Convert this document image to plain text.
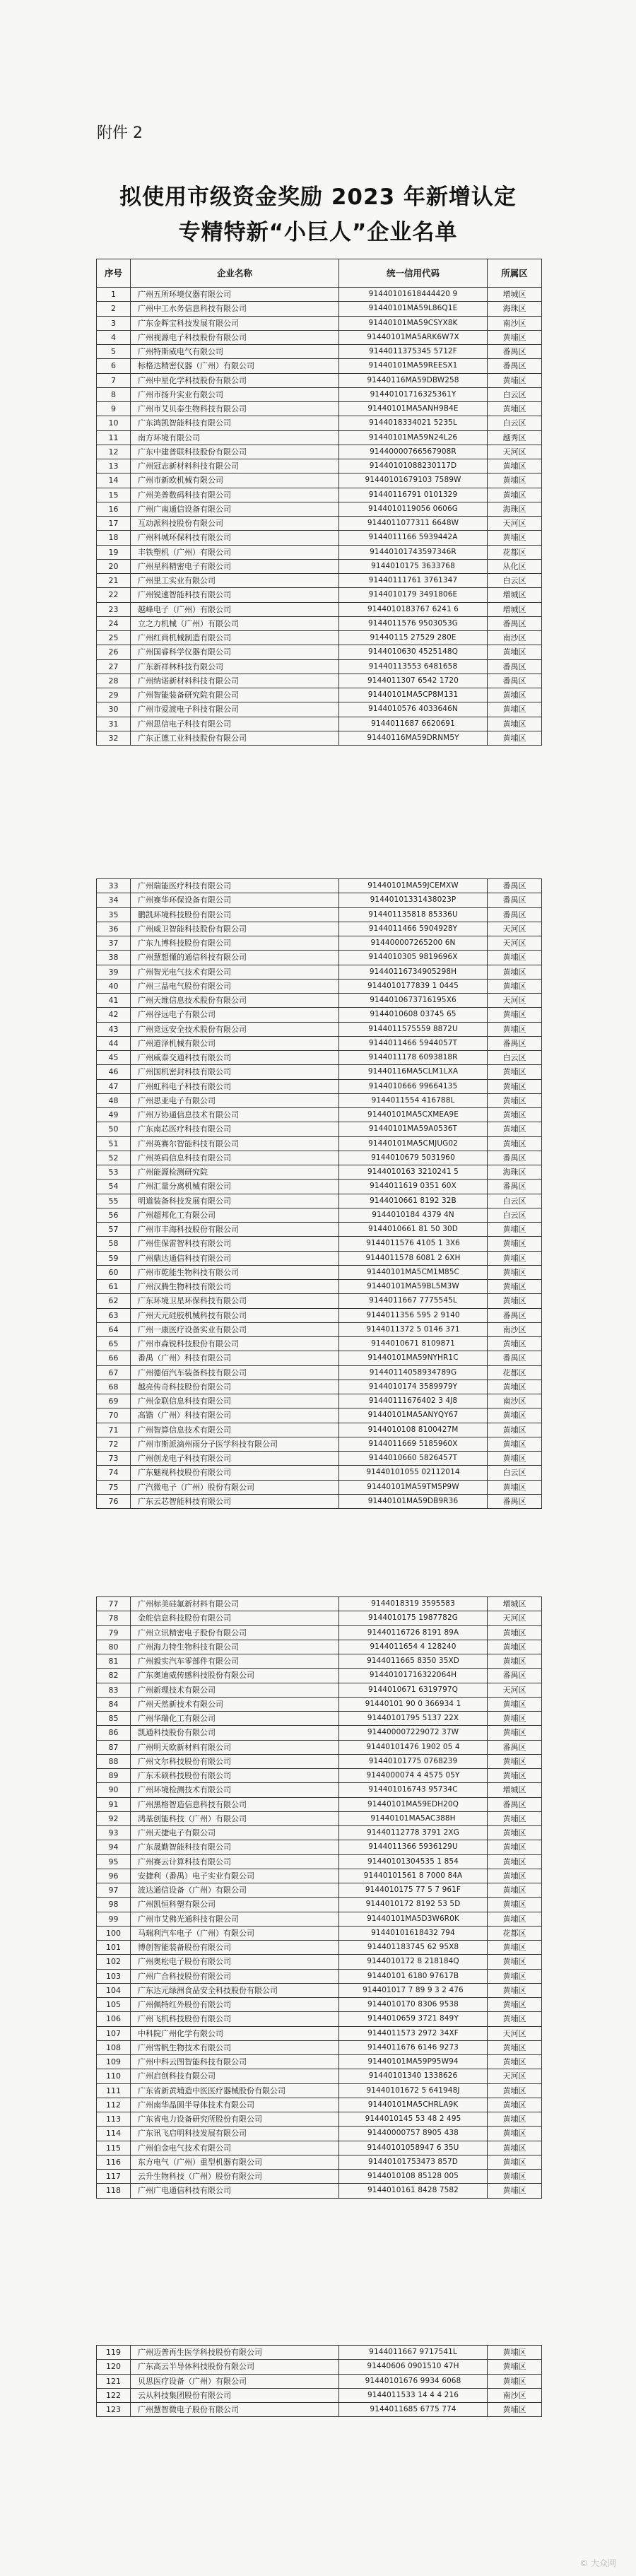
附件 2
拟使用市级资金奖励 2023 年新增认定
专精特新“小巨人”企业名单
序号	企业名称	统一信用代码	所属区
1	广州五所环境仪器有限公司	91440101618444420 9	增城区
2	广州中工水务信息科技有限公司	91440101MA59L86Q1E	海珠区
3	广东金晖宝科技发展有限公司	91440101MA59CSYX8K	南沙区
4	广州视源电子科技股份有限公司	91440101MA5ARK6W7X	黄埔区
5	广州特斯威电气有限公司	9144011375345 5712F	番禺区
6	标格达精密仪器（广州）有限公司	91440101MA59REESX1	番禺区
7	广州中星化学科技股份有限公司	91440116MA59DBW258	黄埔区
8	广州市扬升实业有限公司	91440101716325361Y	白云区
9	广州市艾贝泰生物科技有限公司	91440101MA5ANH9B4E	黄埔区
10	广东鸿凯智能科技有限公司	9144018334021 5235L	白云区
11	南方环境有限公司	91440101MA59N24L26	越秀区
12	广东中建普联科技股份有限公司	91440000766567908R	天河区
13	广州冠志新材料科技有限公司	91440101088230117D	黄埔区
14	广州市新欧机械有限公司	91440101679103 7589W	黄埔区
15	广州美普数码科技有限公司	91440116791 0101329	黄埔区
16	广州广南通信设备有限公司	9144010119056 0606G	海珠区
17	互动派科技股份有限公司	9144011077311 6648W	天河区
18	广州科城环保科技有限公司	9144011166 5939442A	黄埔区
19	丰铁塑机（广州）有限公司	91440101743597346R	花都区
20	广州星科精密电子有限公司	9144010175 3633768	从化区
21	广州里工实业有限公司	91440111761 3761347	白云区
22	广州锐速智能科技有限公司	9144010179 3491806E	增城区
23	越峰电子（广州）有限公司	9144010183767 6241 6	增城区
24	立之力机械（广州）有限公司	9144011576 9503053G	番禺区
25	广州红尚机械制造有限公司	91440115 27529 280E	南沙区
26	广州国睿科学仪器有限公司	9144010630 4525148Q	黄埔区
27	广东新祥林科技有限公司	91440113553 6481658	番禺区
28	广州纳诺新材料科技有限公司	9144011307 6542 1720	番禺区
29	广州智能装备研究院有限公司	91440101MA5CP8M131	黄埔区
30	广州市爱渡电子科技有限公司	9144010576 4033646N	黄埔区
31	广州思信电子科技有限公司	9144011687 6620691	黄埔区
32	广东正德工业科技股份有限公司	91440116MA59DRNM5Y	黄埔区
33	广州瑞能医疗科技有限公司	91440101MA59JCEMXW	番禺区
34	广州赛华环保设备有限公司	91440101331438023P	番禺区
35	鹏凯环境科技股份有限公司	914401135818 85336U	番禺区
36	广州威卫智能科技股份有限公司	9144011466 5904928Y	天河区
37	广东九博科技股份有限公司	914400007265200 6N	天河区
38	广州慧想懂的通信科技有限公司	9144010305 9819696X	黄埔区
39	广州智光电气技术有限公司	91440116734905298H	黄埔区
40	广州三晶电气股份有限公司	9144010177839 1 0445	黄埔区
41	广州天维信息技术股份有限公司	9144010673716195X6	天河区
42	广州谷远电子有限公司	9144010608 03745 65	黄埔区
43	广州竞远安全技术股份有限公司	9144011575559 8872U	黄埔区
44	广州道泽机械有限公司	9144011466 5944057T	番禺区
45	广州威泰交通科技有限公司	9144011178 6093818R	白云区
46	广州国机密封科技有限公司	91440116MA5CLM1LXA	黄埔区
47	广州虹科电子科技有限公司	9144010666 99664135	黄埔区
48	广州思亚电子有限公司	9144011554 416788L	黄埔区
49	广州万协通信息技术有限公司	91440101MA5CXMEA9E	黄埔区
50	广东南芯医疗科技有限公司	91440101MA59A0536T	黄埔区
51	广州英赛尔智能科技有限公司	91440101MA5CMJUG02	黄埔区
52	广州英码信息科技有限公司	9144010679 5031960	番禺区
53	广州能源检测研究院	9144010163 3210241 5	海珠区
54	广州汇量分离机械有限公司	9144011619 0351 60X	番禺区
55	明道装备科技发展有限公司	9144010661 8192 32B	白云区
56	广州超邦化工有限公司	9144010184 4379 4N	白云区
57	广州市丰海科技股份有限公司	9144010661 81 50 30D	黄埔区
58	广州佳保雷智科技有限公司	9144011576 4105 1 3X6	黄埔区
59	广州鼎达通信科技有限公司	9144011578 6081 2 6XH	黄埔区
60	广州市乾能生物科技有限公司	91440101MA5CM1M85C	黄埔区
61	广州汉腾生物科技有限公司	91440101MA59BL5M3W	黄埔区
62	广东环境卫星环保科技有限公司	9144011667 7775545L	黄埔区
63	广州天元硅胶机械科技有限公司	9144011356 595 2 9140	番禺区
64	广州一康医疗设备实业有限公司	9144011372 5 0146 371	南沙区
65	广州市森锐科技股份有限公司	9144010671 8109871	黄埔区
66	番禺（广州）科技有限公司	91440101MA59NYHR1C	番禺区
67	广州德佰汽车装备科技有限公司	91440114058934789G	花都区
68	越亮传奇科技股份有限公司	9144010174 3589979Y	黄埔区
69	广州金联信息科技有限公司	91440111676402 3 4J8	南沙区
70	高锴（广州）科技有限公司	91440101MA5ANYQY67	黄埔区
71	广州智算信息技术有限公司	9144010108 8100427M	黄埔区
72	广州市斯派滴州雨分子医学科技有限公司	9144011669 5185960X	黄埔区
73	广州创龙电子科技有限公司	9144010660 5826457T	黄埔区
74	广东魅视科技股份有限公司	91440101055 02112014	白云区
75	广汽微电子（广州）股份有限公司	91440101MA59TM5P9W	黄埔区
76	广东云芯智能科技有限公司	91440101MA59DB9R36	番禺区
77	广州标美硅氟新材料有限公司	9144018319 3595583	增城区
78	金舵信息科技股份有限公司	9144010175 1987782G	天河区
79	广州立讯精密电子股份有限公司	91440116726 8191 89A	黄埔区
80	广州海力特生物科技有限公司	9144011654 4 128240	黄埔区
81	广州毅实汽车零部件有限公司	9144011665 8350 35XD	黄埔区
82	广东奥迪威传感科技股份有限公司	91440101716322064H	番禺区
83	广州新理技术有限公司	9144010671 6319797Q	天河区
84	广州天然新技术有限公司	91440101 90 0 366934 1	黄埔区
85	广州华瑞化工有限公司	91440101795 5137 22X	黄埔区
86	凯通科技股份有限公司	914400007229072 37W	黄埔区
87	广州明天欧新材料有限公司	91440101476 1902 05 4	番禺区
88	广州文尔科技股份有限公司	91440101775 0768239	黄埔区
89	广东禾硕科技股份有限公司	9144000074 4 4575 05Y	黄埔区
90	广州环境检测技术有限公司	914401016743 95734C	增城区
91	广州黑格智造信息科技有限公司	91440101MA59EDH20Q	番禺区
92	鸿基创能科技（广州）有限公司	91440101MA5AC388H	黄埔区
93	广州天捷电子有限公司	91440112778 3791 2XG	黄埔区
94	广东晟勤智能科技有限公司	9144011366 5936129U	黄埔区
95	广州赛云计算科技有限公司	91440101304535 1 854	黄埔区
96	安捷利（番禺）电子实业有限公司	91440101561 8 7000 84A	黄埔区
97	波达通信设备（广州）有限公司	9144010175 77 5 7 961F	黄埔区
98	广州凯恒科塑有限公司	9144010172 8192 53 5D	黄埔区
99	广州市艾佛光通科技有限公司	91440101MA5D3W6R0K	黄埔区
100	马瑞利汽车电子（广州）有限公司	91440101618432 794	花都区
101	博创智能装备股份有限公司	914401183745 62 95X8	黄埔区
102	广州奥松电子股份有限公司	9144010172 8 218184Q	黄埔区
103	广州广合科技股份有限公司	91440101 6180 97617B	黄埔区
104	广东达元绿洲食品安全科技股份有限公司	914401017 7 89 9 3 2 476	黄埔区
105	广州佩特红外股份有限公司	9144010170 8306 9538	黄埔区
106	广州飞机科技股份有限公司	9144010659 3721 849Y	黄埔区
107	中科院广州化学有限公司	9144011573 2972 34XF	天河区
108	广州雪帆生物技术有限公司	9144011676 6146 9273	黄埔区
109	广州中科云图智能科技有限公司	91440101MA59P95W94	黄埔区
110	广州启创科技有限公司	91440101340 1338626	天河区
111	广东省新黄埔造中医医疗器械股份有限公司	91440101672 5 641948J	黄埔区
112	广州南华晶圆半导体技术有限公司	91440101MA5CHRLA9K	黄埔区
113	广东省电力设备研究所股份有限公司	9144010145 53 48 2 495	黄埔区
114	广东讯飞启明科技发展有限公司	91440000757 8905 438	黄埔区
115	广州伯金电气技术有限公司	91440101058947 6 35U	黄埔区
116	东方电气（广州）重型机器有限公司	91440101753473 857D	黄埔区
117	云升生物科技（广州）股份有限公司	9144010108 85128 005	黄埔区
118	广州广电通信科技有限公司	9144010161 8428 7582	黄埔区
119	广州迈普再生医学科技股份有限公司	9144011667 9717541L	黄埔区
120	广东高云半导体科技股份有限公司	91440606 0901510 47H	黄埔区
121	贝思医疗设备（广州）有限公司	91440101676 9934 6068	黄埔区
122	云从科技集团股份有限公司	9144011533 14 4 4 216	南沙区
123	广州慧智微电子股份有限公司	9144011685 6775 774	黄埔区
© 大众网
